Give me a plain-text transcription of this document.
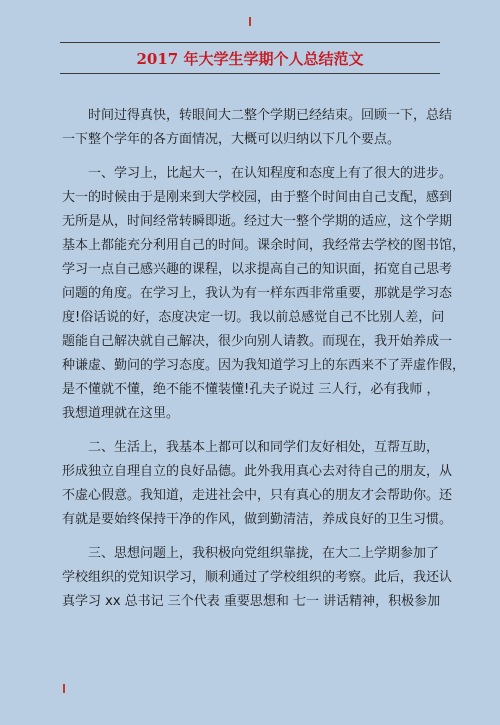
2017 年大学生学期个人总结范文

时间过得真快，转眼间大二整个学期已经结束。回顾一下，总结
一下整个学年的各方面情况，大概可以归纳以下几个要点。

一、学习上，比起大一，在认知程度和态度上有了很大的进步。
大一的时候由于是刚来到大学校园，由于整个时间由自己支配，感到
无所是从，时间经常转瞬即逝。经过大一整个学期的适应，这个学期
基本上都能充分利用自己的时间。课余时间，我经常去学校的图书馆，
学习一点自己感兴趣的课程，以求提高自己的知识面，拓宽自己思考
问题的角度。在学习上，我认为有一样东西非常重要，那就是学习态
度!俗话说的好，态度决定一切。我以前总感觉自己不比别人差，问
题能自己解决就自己解决，很少向别人请教。而现在，我开始养成一
种谦虚、勤问的学习态度。因为我知道学习上的东西来不了弄虚作假，
是不懂就不懂，绝不能不懂装懂!孔夫子说过 三人行，必有我师 ，
我想道理就在这里。

二、生活上，我基本上都可以和同学们友好相处，互帮互助，
形成独立自理自立的良好品德。此外我用真心去对待自己的朋友，从
不虚心假意。我知道，走进社会中，只有真心的朋友才会帮助你。还
有就是要始终保持干净的作风，做到勤清洁，养成良好的卫生习惯。

三、思想问题上，我积极向党组织靠拢，在大二上学期参加了
学校组织的党知识学习，顺利通过了学校组织的考察。此后，我还认
真学习 xx 总书记 三个代表 重要思想和 七一 讲话精神，积极参加
